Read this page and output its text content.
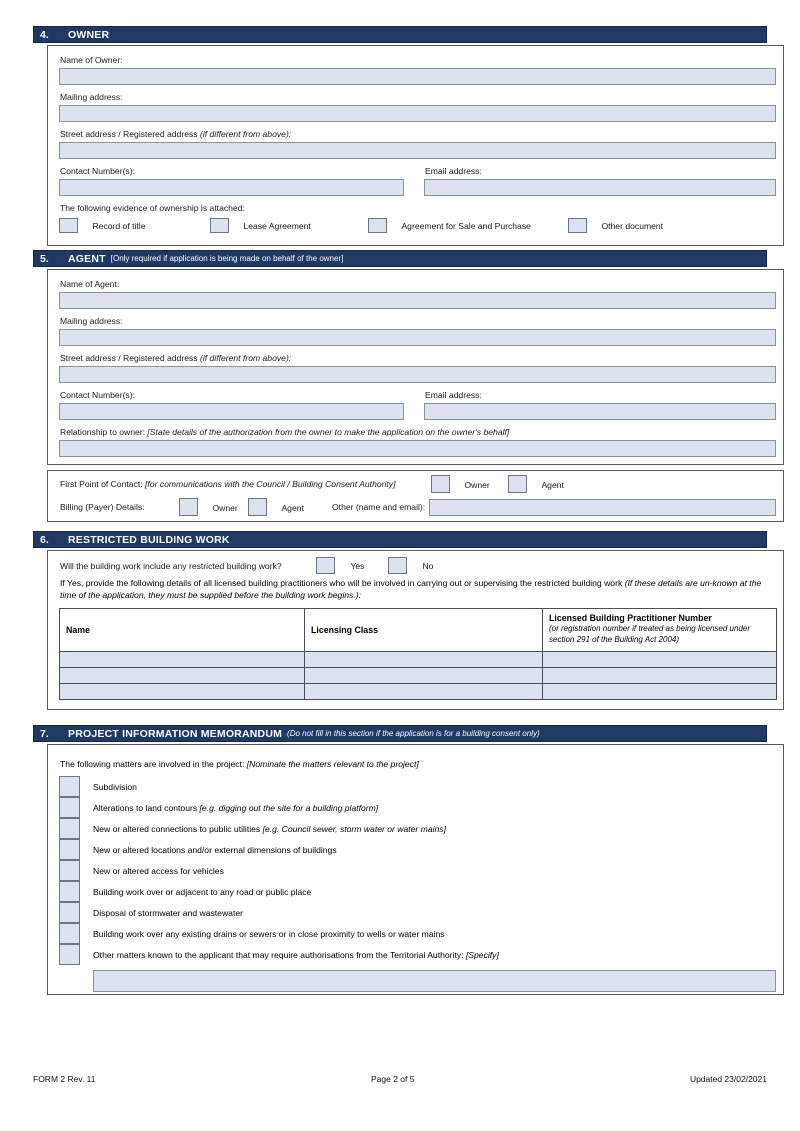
4.	OWNER
Name of Owner:
Mailing address:
Street address / Registered address (if different from above):
Contact Number(s):	Email address:
The following evidence of ownership is attached:
$^{Record of title}$	$^{Lease Agreement}$	$^{Agreement for Sale and Purchase}$	$^{Other document}$
5.	AGENT [Only required if application is being made on behalf of the owner]
Name of Agent:
Mailing address:
Street address / Registered address (if different from above):
Contact Number(s):	Email address:
Relationship to owner: [State details of the authorization from the owner to make the application on the owner's behalf]
First Point of Contact: [for communications with the Council / Building Consent Authority]	$^{Owner}$	$^{Agent}$
Billing (Payer) Details:	$^{Owner}$	$^{Agent}$	Other (name and email):
6.	RESTRICTED BUILDING WORK
Will the building work include any restricted building work?	$^{Yes}$	$^{No}$
If Yes, provide the following details of all licensed building practitioners who will be involved in carrying out or supervising the restricted building work (If these details are un-known at the time of the application, they must be supplied before the building work begins.):
Name	Licensing Class	Licensed Building Practitioner Number
(or registration number if treated as being licensed under section 291 of the Building Act 2004)

7.	PROJECT INFORMATION MEMORANDUM (Do not fill in this section if the application is for a building consent only)
The following matters are involved in the project: [Nominate the matters relevant to the project]
Subdivision
Alterations to land contours [e.g. digging out the site for a building platform]
New or altered connections to public utilities [e.g. Council sewer, storm water or water mains]
New or altered locations and/or external dimensions of buildings
New or altered access for vehicles
Building work over or adjacent to any road or public place
Disposal of stormwater and wastewater
Building work over any existing drains or sewers or in close proximity to wells or water mains
Other matters known to the applicant that may require authorisations from the Territorial Authority: [Specify]
FORM 2 Rev. 11	Page 2 of 5	Updated 23/02/2021
